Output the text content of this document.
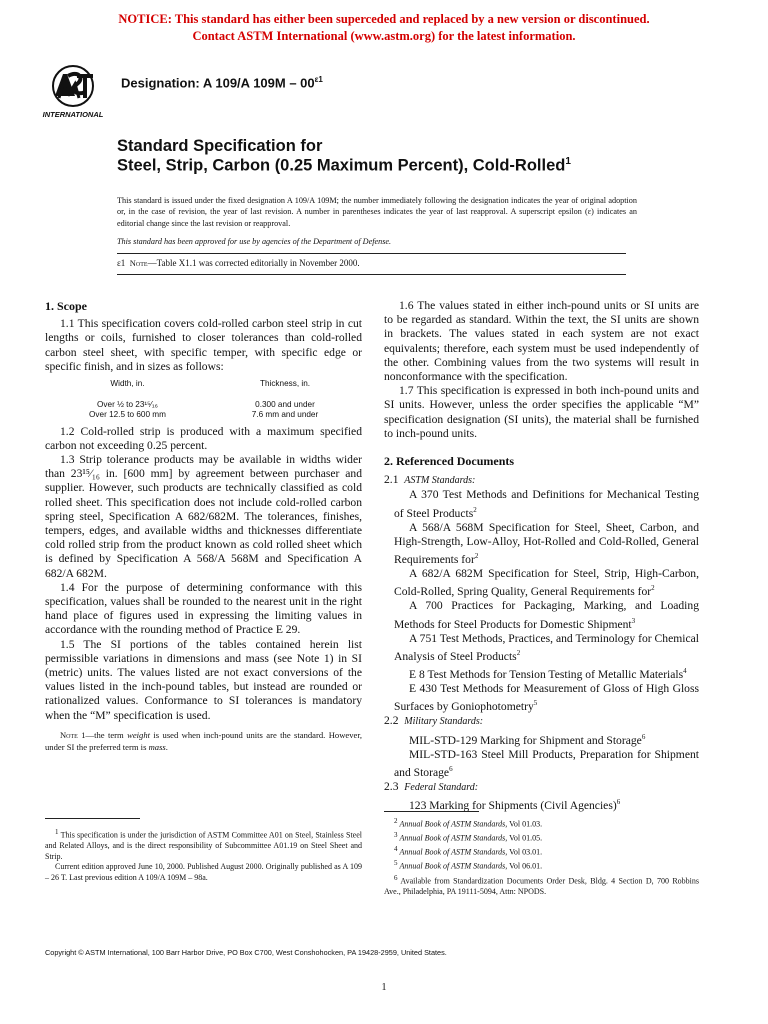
NOTICE: This standard has either been superceded and replaced by a new version or discontinued.
Contact ASTM International (www.astm.org) for the latest information.
INTERNATIONAL
Designation: A 109/A $109M - 00^{\varepsilon 1}$
Standard Specification for
Steel, Strip, Carbon (0.25 Maximum Percent), Cold-Rolled$^1$
This standard is issued under the fixed designation A 109/A 109M; the number immediately following the designation indicates the year of original adoption or, in the case of revision, the year of last revision. A number in parentheses indicates the year of last reapproval. A superscript epsilon (ε) indicates an editorial change since the last revision or reapproval.
This standard has been approved for use by agencies of the Department of Defense.
ε1 Note—Table X1.1 was corrected editorially in November 2000.

1. Scope

1.1 This specification covers cold-rolled carbon steel strip in cut lengths or coils, furnished to closer tolerances than cold-rolled carbon steel sheet, with specific temper, with specific edge or specific finish, and in sizes as follows:

Width, in.	Thickness, in.
Over ½ to 23¹⁵⁄₁₆	0.300 and under
Over 12.5 to 600 mm	7.6 mm and under

1.2 Cold-rolled strip is produced with a maximum specified carbon not exceeding 0.25 percent.

1.3 Strip tolerance products may be available in widths wider than 23¹⁵⁄₁₆ in. [600 mm] by agreement between purchaser and supplier. However, such products are technically classified as cold rolled sheet. This specification does not include cold-rolled carbon spring steel, Specification A 682/682M. The tolerances, finishes, tempers, edges, and available widths and thicknesses differentiate cold rolled strip from the product known as cold rolled sheet which is defined by Specification A 568/A 568M and Specification A 682/A 682M.

1.4 For the purpose of determining conformance with this specification, values shall be rounded to the nearest unit in the right hand place of figures used in expressing the limiting values in accordance with the rounding method of Practice E 29.

1.5 The SI portions of the tables contained herein list permissible variations in dimensions and mass (see Note 1) in SI (metric) units. The values listed are not exact conversions of the values listed in the inch-pound tables, but instead are rounded or rationalized values. Conformance to SI tolerances is mandatory when the “M” specification is used.

Note 1—the term weight is used when inch-pound units are the standard. However, under SI the preferred term is mass.

$^1$ This specification is under the jurisdiction of ASTM Committee A01 on Steel, Stainless Steel and Related Alloys, and is the direct responsibility of Subcommittee A01.19 on Steel Sheet and Strip.

Current edition approved June 10, 2000. Published August 2000. Originally published as A 109 – 26 T. Last previous edition A 109/A 109M – 98a.

1.6 The values stated in either inch-pound units or SI units are to be regarded as standard. Within the text, the SI units are shown in brackets. The values stated in each system are not exact equivalents; therefore, each system must be used independently of the other. Combining values from the two systems will result in nonconformance with the specification.

1.7 This specification is expressed in both inch-pound units and SI units. However, unless the order specifies the applicable “M” specification designation (SI units), the material shall be furnished to inch-pound units.

2. Referenced Documents

2.1 ASTM Standards:

A 370 Test Methods and Definitions for Mechanical Testing of Steel Products$^2$

A 568/A 568M Specification for Steel, Sheet, Carbon, and High-Strength, Low-Alloy, Hot-Rolled and Cold-Rolled, General Requirements for$^2$

A 682/A 682M Specification for Steel, Strip, High-Carbon, Cold-Rolled, Spring Quality, General Requirements for$^2$

A 700 Practices for Packaging, Marking, and Loading Methods for Steel Products for Domestic Shipment$^3$

A 751 Test Methods, Practices, and Terminology for Chemical Analysis of Steel Products$^2$

E 8 Test Methods for Tension Testing of Metallic Materials$^4$

E 430 Test Methods for Measurement of Gloss of High Gloss Surfaces by Goniophotometry$^5$

2.2 Military Standards:

MIL-STD-129 Marking for Shipment and Storage$^6$

MIL-STD-163 Steel Mill Products, Preparation for Shipment and Storage$^6$

2.3 Federal Standard:

123 Marking for Shipments (Civil Agencies)$^6$

$^2$ Annual Book of ASTM Standards, Vol 01.03.

$^3$ Annual Book of ASTM Standards, Vol 01.05.

$^4$ Annual Book of ASTM Standards, Vol 03.01.

$^5$ Annual Book of ASTM Standards, Vol 06.01.

$^6$ Available from Standardization Documents Order Desk, Bldg. 4 Section D, 700 Robbins Ave., Philadelphia, PA 19111-5094, Attn: NPODS.

Copyright © ASTM International, 100 Barr Harbor Drive, PO Box C700, West Conshohocken, PA 19428-2959, United States.
1
